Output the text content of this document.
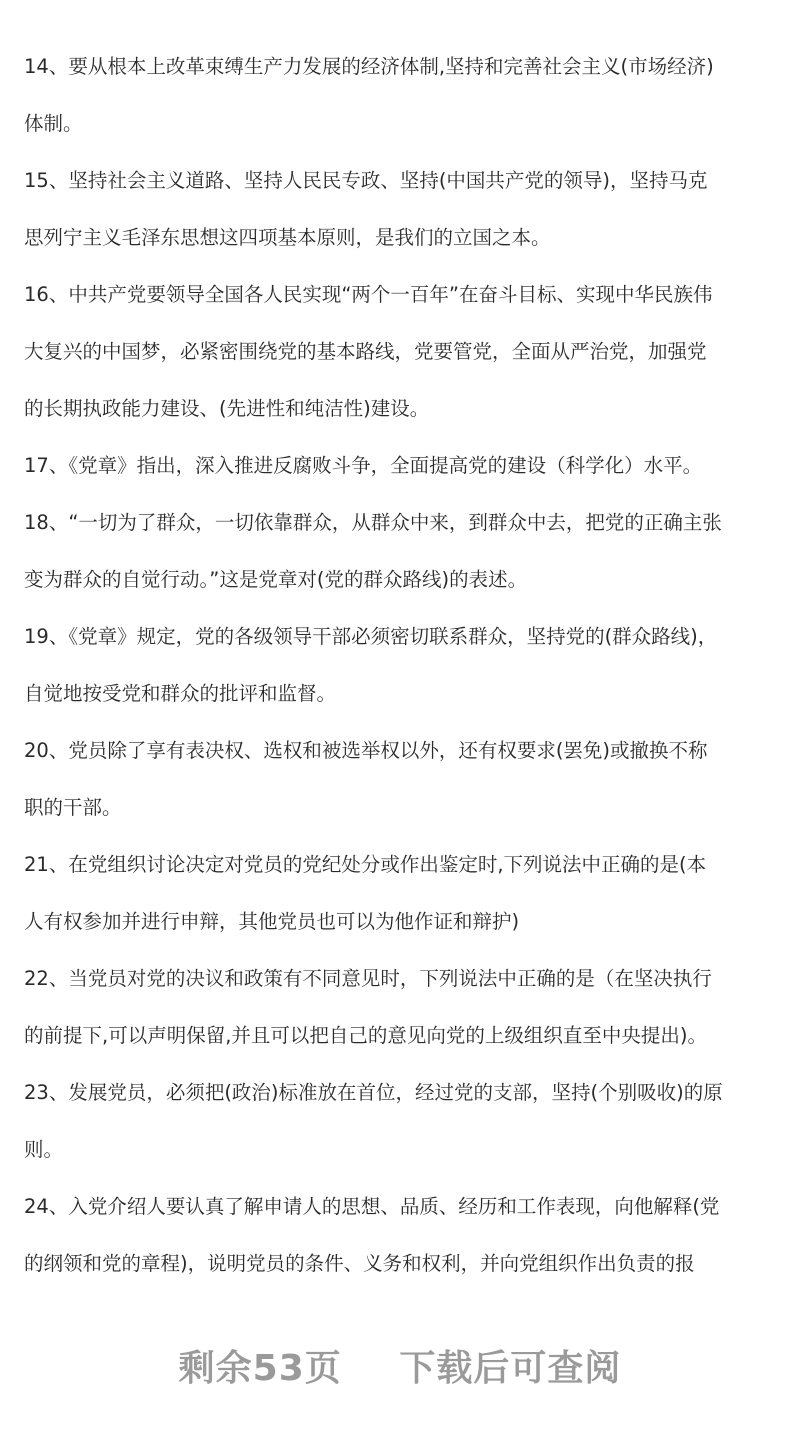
14、要从根本上改革束缚生产力发展的经济体制,坚持和完善社会主义(市场经济)
体制。
15、坚持社会主义道路、坚持人民民专政、坚持(中国共产党的领导)，坚持马克
思列宁主义毛泽东思想这四项基本原则，是我们的立国之本。
16、中共产党要领导全国各人民实现“两个一百年”在奋斗目标、实现中华民族伟
大复兴的中国梦，必紧密围绕党的基本路线，党要管党，全面从严治党，加强党
的长期执政能力建设、(先进性和纯洁性)建设。
17、《党章》指出，深入推进反腐败斗争，全面提高党的建设（科学化）水平。
18、“一切为了群众，一切依靠群众，从群众中来，到群众中去，把党的正确主张
变为群众的自觉行动。”这是党章对(党的群众路线)的表述。
19、《党章》规定，党的各级领导干部必须密切联系群众，坚持党的(群众路线)，
自觉地按受党和群众的批评和监督。
20、党员除了享有表决权、选权和被选举权以外，还有权要求(罢免)或撤换不称
职的干部。
21、在党组织讨论决定对党员的党纪处分或作出鉴定时,下列说法中正确的是(本
人有权参加并进行申辩，其他党员也可以为他作证和辩护)
22、当党员对党的决议和政策有不同意见时，下列说法中正确的是（在坚决执行
的前提下,可以声明保留,并且可以把自己的意见向党的上级组织直至中央提出)。
23、发展党员，必须把(政治)标准放在首位，经过党的支部，坚持(个别吸收)的原
则。
24、入党介绍人要认真了解申请人的思想、品质、经历和工作表现，向他解释(党
的纲领和党的章程)，说明党员的条件、义务和权利，并向党组织作出负责的报
剩余53页 下载后可查阅
